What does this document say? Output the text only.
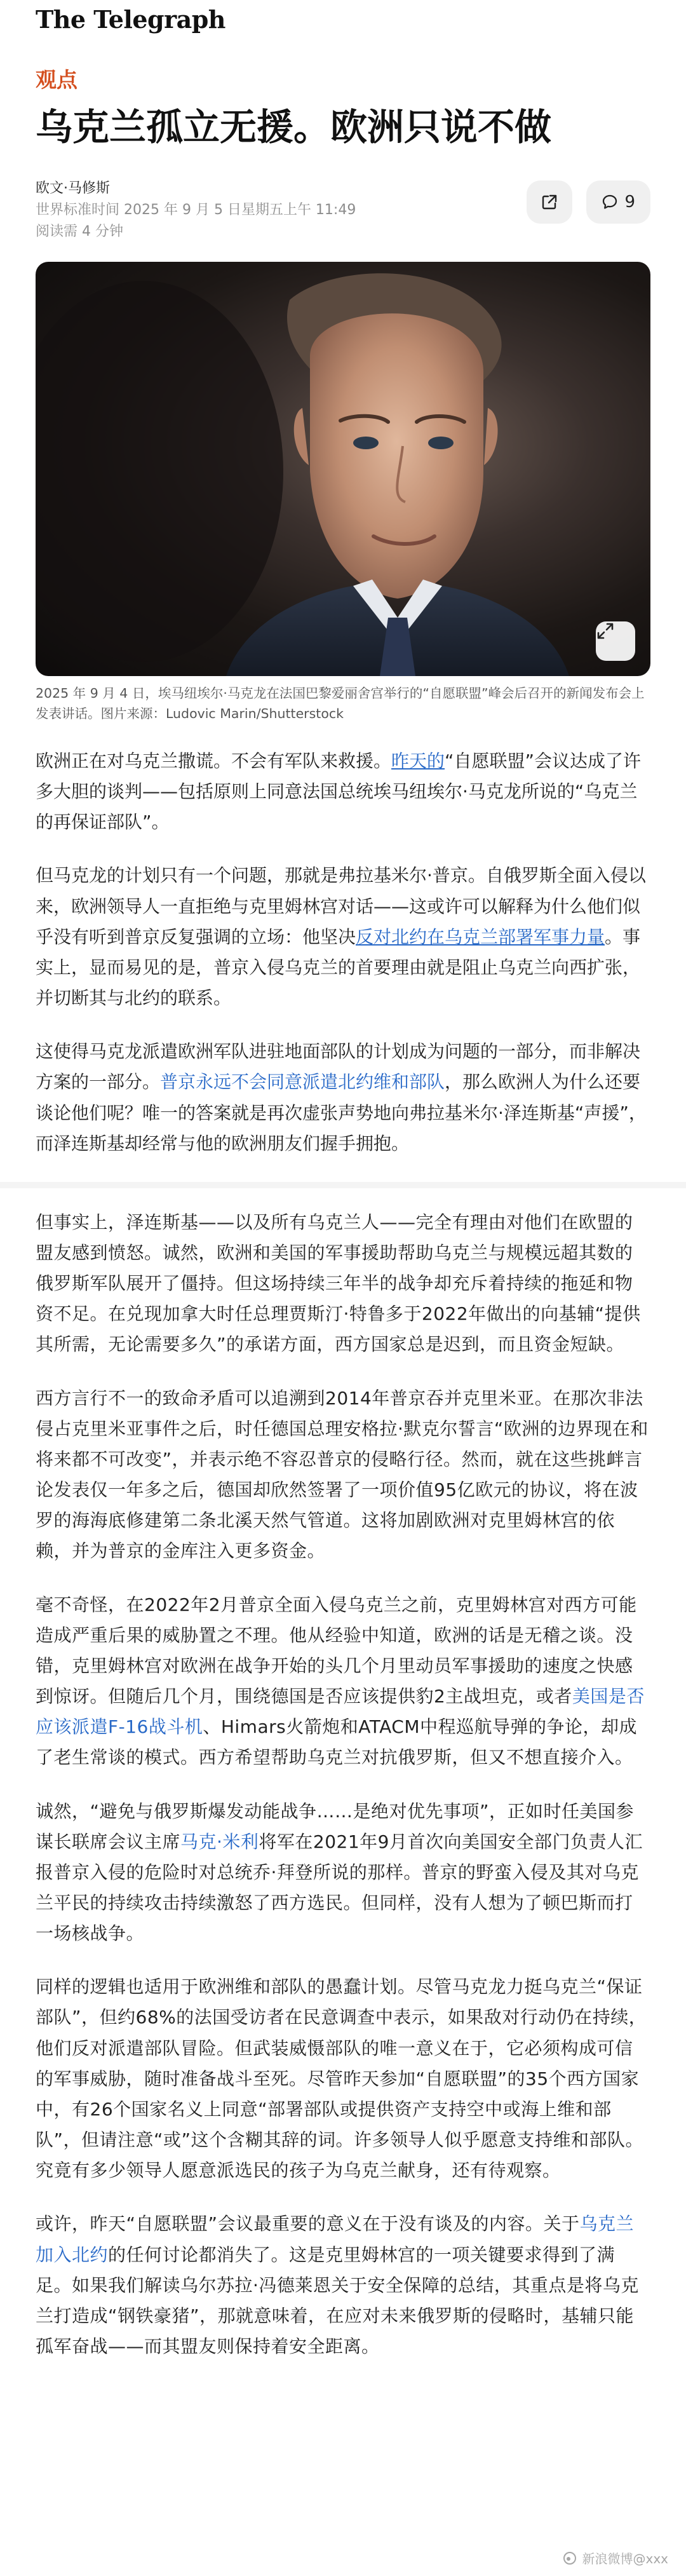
The Telegraph
观点
乌克兰孤立无援。欧洲只说不做
欧文·马修斯
世界标准时间 2025 年 9 月 5 日星期五上午 11:49
阅读需 4 分钟
9
2025 年 9 月 4 日，埃马纽埃尔·马克龙在法国巴黎爱丽舍宫举行的“自愿联盟”峰会后召开的新闻发布会上发表讲话。图片来源：Ludovic Marin/Shutterstock

欧洲正在对乌克兰撒谎。不会有军队来救援。昨天的“自愿联盟”会议达成了许多大胆的谈判——包括原则上同意法国总统埃马纽埃尔·马克龙所说的“乌克兰的再保证部队”。

但马克龙的计划只有一个问题，那就是弗拉基米尔·普京。自俄罗斯全面入侵以来，欧洲领导人一直拒绝与克里姆林宫对话——这或许可以解释为什么他们似乎没有听到普京反复强调的立场：他坚决反对北约在乌克兰部署军事力量。事实上，显而易见的是，普京入侵乌克兰的首要理由就是阻止乌克兰向西扩张，并切断其与北约的联系。

这使得马克龙派遣欧洲军队进驻地面部队的计划成为问题的一部分，而非解决方案的一部分。普京永远不会同意派遣北约维和部队，那么欧洲人为什么还要谈论他们呢？唯一的答案就是再次虚张声势地向弗拉基米尔·泽连斯基“声援”，而泽连斯基却经常与他的欧洲朋友们握手拥抱。

但事实上，泽连斯基——以及所有乌克兰人——完全有理由对他们在欧盟的盟友感到愤怒。诚然，欧洲和美国的军事援助帮助乌克兰与规模远超其数的俄罗斯军队展开了僵持。但这场持续三年半的战争却充斥着持续的拖延和物资不足。在兑现加拿大时任总理贾斯汀·特鲁多于2022年做出的向基辅“提供其所需，无论需要多久”的承诺方面，西方国家总是迟到，而且资金短缺。

西方言行不一的致命矛盾可以追溯到2014年普京吞并克里米亚。在那次非法侵占克里米亚事件之后，时任德国总理安格拉·默克尔誓言“欧洲的边界现在和将来都不可改变”，并表示绝不容忍普京的侵略行径。然而，就在这些挑衅言论发表仅一年多之后，德国却欣然签署了一项价值95亿欧元的协议，将在波罗的海海底修建第二条北溪天然气管道。这将加剧欧洲对克里姆林宫的依赖，并为普京的金库注入更多资金。

毫不奇怪，在2022年2月普京全面入侵乌克兰之前，克里姆林宫对西方可能造成严重后果的威胁置之不理。他从经验中知道，欧洲的话是无稽之谈。没错，克里姆林宫对欧洲在战争开始的头几个月里动员军事援助的速度之快感到惊讶。但随后几个月，围绕德国是否应该提供豹2主战坦克，或者美国是否应该派遣F-16战斗机、Himars火箭炮和ATACM中程巡航导弹的争论，却成了老生常谈的模式。西方希望帮助乌克兰对抗俄罗斯，但又不想直接介入。

诚然，“避免与俄罗斯爆发动能战争……是绝对优先事项”，正如时任美国参谋长联席会议主席马克·米利将军在2021年9月首次向美国安全部门负责人汇报普京入侵的危险时对总统乔·拜登所说的那样。普京的野蛮入侵及其对乌克兰平民的持续攻击持续激怒了西方选民。但同样，没有人想为了顿巴斯而打一场核战争。

同样的逻辑也适用于欧洲维和部队的愚蠢计划。尽管马克龙力挺乌克兰“保证部队”，但约68%的法国受访者在民意调查中表示，如果敌对行动仍在持续，他们反对派遣部队冒险。但武装威慑部队的唯一意义在于，它必须构成可信的军事威胁，随时准备战斗至死。尽管昨天参加“自愿联盟”的35个西方国家中，有26个国家名义上同意“部署部队或提供资产支持空中或海上维和部队”，但请注意“或”这个含糊其辞的词。许多领导人似乎愿意支持维和部队。究竟有多少领导人愿意派选民的孩子为乌克兰献身，还有待观察。

或许，昨天“自愿联盟”会议最重要的意义在于没有谈及的内容。关于乌克兰加入北约的任何讨论都消失了。这是克里姆林宫的一项关键要求得到了满足。如果我们解读乌尔苏拉·冯德莱恩关于安全保障的总结，其重点是将乌克兰打造成“钢铁豪猪”，那就意味着，在应对未来俄罗斯的侵略时，基辅只能孤军奋战——而其盟友则保持着安全距离。

新浪微博@xxx
